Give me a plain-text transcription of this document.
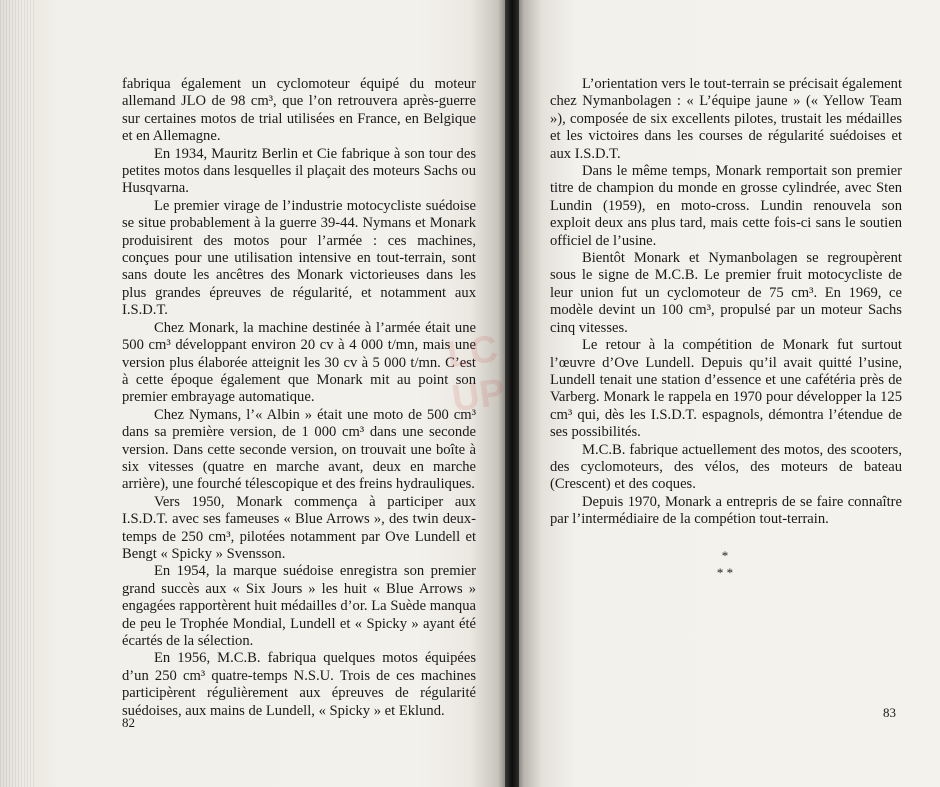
fabriqua également un cyclomoteur équipé du moteur allemand JLO de 98 cm³, que l’on retrouvera après-guerre sur certaines motos de trial utilisées en France, en Belgique et en Allemagne.

En 1934, Mauritz Berlin et Cie fabrique à son tour des petites motos dans lesquelles il plaçait des moteurs Sachs ou Husqvarna.

Le premier virage de l’industrie motocycliste suédoise se situe probablement à la guerre 39-44. Nymans et Monark produisirent des motos pour l’armée : ces machines, conçues pour une utilisation intensive en tout-terrain, sont sans doute les ancêtres des Monark victorieuses dans les plus grandes épreuves de régularité, et notamment aux I.S.D.T.

Chez Monark, la machine destinée à l’armée était une 500 cm³ développant environ 20 cv à 4 000 t/mn, mais une version plus élaborée atteignit les 30 cv à 5 000 t/mn. C’est à cette époque également que Monark mit au point son premier embrayage automatique.

Chez Nymans, l’« Albin » était une moto de 500 cm³ dans sa première version, de 1 000 cm³ dans une seconde version. Dans cette seconde version, on trouvait une boîte à six vitesses (quatre en marche avant, deux en marche arrière), une fourché télescopique et des freins hydrauliques.

Vers 1950, Monark commença à participer aux I.S.D.T. avec ses fameuses « Blue Arrows », des twin deux-temps de 250 cm³, pilotées notamment par Ove Lundell et Bengt « Spicky » Svensson.

En 1954, la marque suédoise enregistra son premier grand succès aux « Six Jours » les huit « Blue Arrows » engagées rapportèrent huit médailles d’or. La Suède manqua de peu le Trophée Mondial, Lundell et « Spicky » ayant été écartés de la sélection.

En 1956, M.C.B. fabriqua quelques motos équipées d’un 250 cm³ quatre-temps N.S.U. Trois de ces machines participèrent régulièrement aux épreuves de régularité suédoises, aux mains de Lundell, « Spicky » et Eklund.

82

L’orientation vers le tout-terrain se précisait également chez Nymanbolagen : « L’équipe jaune » (« Yellow Team »), composée de six excellents pilotes, trustait les médailles et les victoires dans les courses de régularité suédoises et aux I.S.D.T.

Dans le même temps, Monark remportait son premier titre de champion du monde en grosse cylindrée, avec Sten Lundin (1959), en moto-cross. Lundin renouvela son exploit deux ans plus tard, mais cette fois-ci sans le soutien officiel de l’usine.

Bientôt Monark et Nymanbolagen se regroupèrent sous le signe de M.C.B. Le premier fruit motocycliste de leur union fut un cyclomoteur de 75 cm³. En 1969, ce modèle devint un 100 cm³, propulsé par un moteur Sachs cinq vitesses.

Le retour à la compétition de Monark fut surtout l’œuvre d’Ove Lundell. Depuis qu’il avait quitté l’usine, Lundell tenait une station d’essence et une cafétéria près de Varberg. Monark le rappela en 1970 pour développer la 125 cm³ qui, dès les I.S.D.T. espagnols, démontra l’étendue de ses possibilités.

M.C.B. fabrique actuellement des motos, des scooters, des cyclomoteurs, des vélos, des moteurs de bateau (Crescent) et des coques.

Depuis 1970, Monark a entrepris de se faire connaître par l’intermédiaire de la compétion tout-terrain.

*
* *
83
